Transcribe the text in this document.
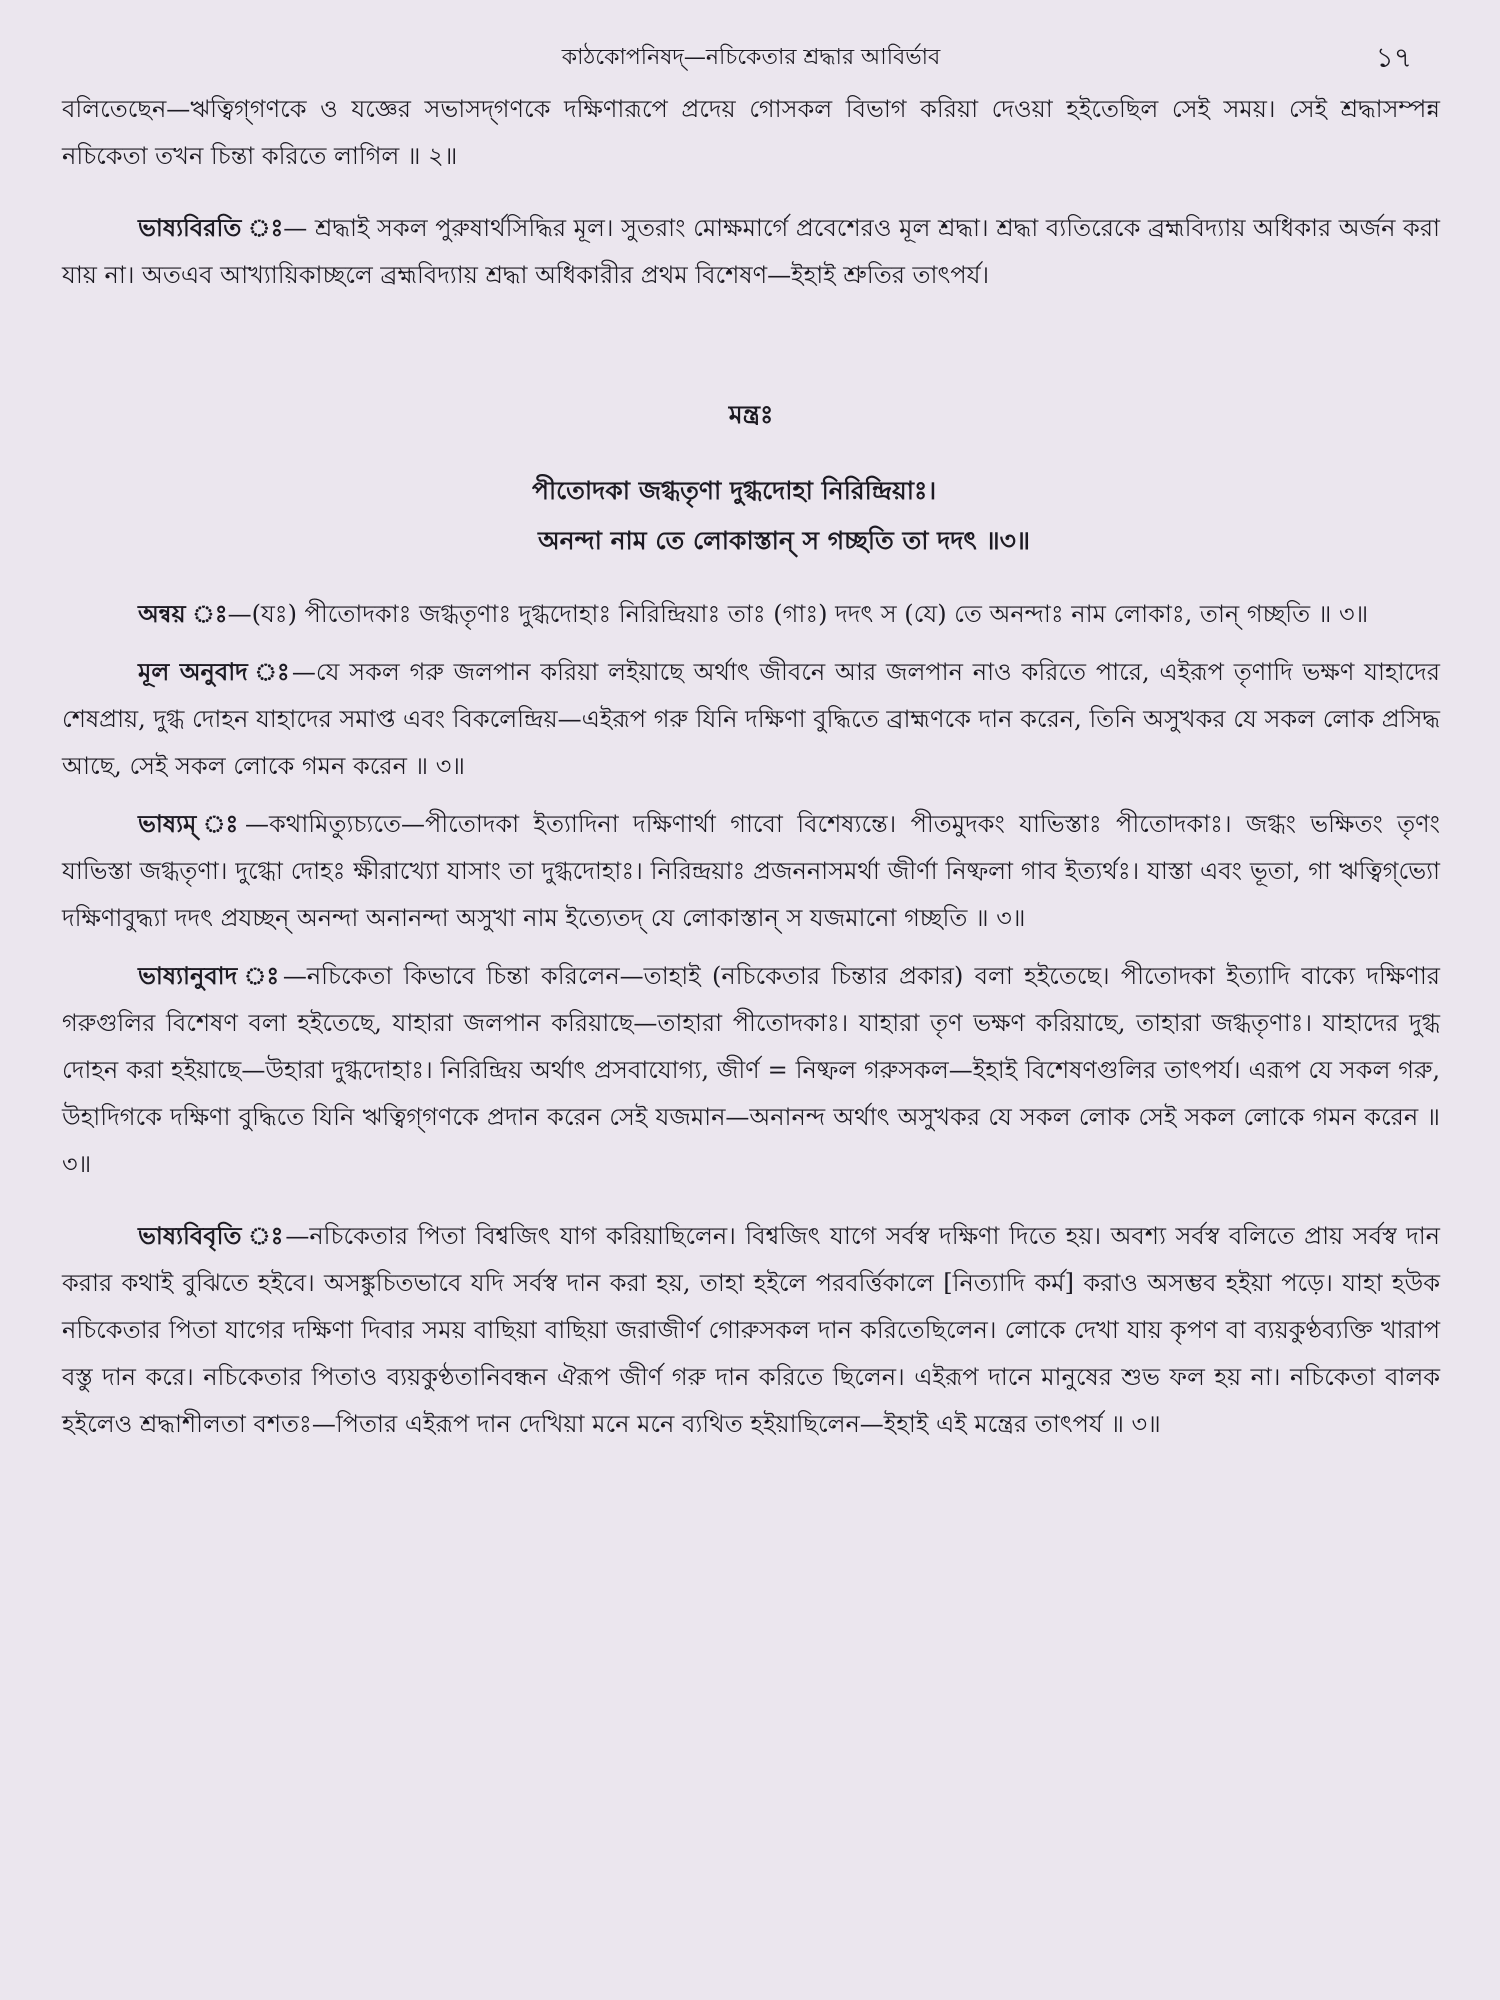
কাঠকোপনিষদ্‌—নচিকেতার শ্রদ্ধার আবির্ভাব	১৭

বলিতেছেন—ঋত্বিগ্‌গণকে ও যজ্ঞের সভাসদ্‌গণকে দক্ষিণারূপে প্রদেয় গোসকল বিভাগ করিয়া দেওয়া হইতেছিল সেই সময়। সেই শ্রদ্ধাসম্পন্ন নচিকেতা তখন চিন্তা করিতে লাগিল ॥ ২॥

ভাষ্যবিরতি ঃ— শ্রদ্ধাই সকল পুরুষার্থসিদ্ধির মূল। সুতরাং মোক্ষমার্গে প্রবেশেরও মূল শ্রদ্ধা। শ্রদ্ধা ব্যতিরেকে ব্রহ্মবিদ্যায় অধিকার অর্জন করা যায় না। অতএব আখ্যায়িকাচ্ছলে ব্রহ্মবিদ্যায় শ্রদ্ধা অধিকারীর প্রথম বিশেষণ—ইহাই শ্রুতির তাৎপর্য।

মন্ত্রঃ
পীতোদকা জগ্ধতৃণা দুগ্ধদোহা নিরিন্দ্রিয়াঃ।
অনন্দা নাম তে লোকাস্তান্‌ স গচ্ছতি তা দদৎ ॥৩॥

অন্বয় ঃ—(যঃ) পীতোদকাঃ জগ্ধতৃণাঃ দুগ্ধদোহাঃ নিরিন্দ্রিয়াঃ তাঃ (গাঃ) দদৎ স (যে) তে অনন্দাঃ নাম লোকাঃ, তান্‌ গচ্ছতি ॥ ৩॥

মূল অনুবাদ ঃ—যে সকল গরু জলপান করিয়া লইয়াছে অর্থাৎ জীবনে আর জলপান নাও করিতে পারে, এইরূপ তৃণাদি ভক্ষণ যাহাদের শেষপ্রায়, দুগ্ধ দোহন যাহাদের সমাপ্ত এবং বিকলেন্দ্রিয়—এইরূপ গরু যিনি দক্ষিণা বুদ্ধিতে ব্রাহ্মণকে দান করেন, তিনি অসুখকর যে সকল লোক প্রসিদ্ধ আছে, সেই সকল লোকে গমন করেন ॥ ৩॥

ভাষ্যম্‌ ঃ—কথামিত্যুচ্যতে—পীতোদকা ইত্যাদিনা দক্ষিণার্থা গাবো বিশেষ্যন্তে। পীতমুদকং যাভিস্তাঃ পীতোদকাঃ। জগ্ধং ভক্ষিতং তৃণং যাভিস্তা জগ্ধতৃণা। দুগ্ধো দোহঃ ক্ষীরাখ্যো যাসাং তা দুগ্ধদোহাঃ। নিরিন্দ্রয়াঃ প্রজননাসমর্থা জীর্ণা নিষ্ফলা গাব ইত্যর্থঃ। যাস্তা এবং ভূতা, গা ঋত্বিগ্‌ভ্যো দক্ষিণাবুদ্ধ্যা দদৎ প্রযচ্ছন্‌ অনন্দা অনানন্দা অসুখা নাম ইত্যেতদ্‌ যে লোকাস্তান্‌ স যজমানো গচ্ছতি ॥ ৩॥

ভাষ্যানুবাদ ঃ—নচিকেতা কিভাবে চিন্তা করিলেন—তাহাই (নচিকেতার চিন্তার প্রকার) বলা হইতেছে। পীতোদকা ইত্যাদি বাক্যে দক্ষিণার গরুগুলির বিশেষণ বলা হইতেছে, যাহারা জলপান করিয়াছে—তাহারা পীতোদকাঃ। যাহারা তৃণ ভক্ষণ করিয়াছে, তাহারা জগ্ধতৃণাঃ। যাহাদের দুগ্ধ দোহন করা হইয়াছে—উহারা দুগ্ধদোহাঃ। নিরিন্দ্রিয় অর্থাৎ প্রসবাযোগ্য, জীর্ণ = নিষ্ফল গরুসকল—ইহাই বিশেষণগুলির তাৎপর্য। এরূপ যে সকল গরু, উহাদিগকে দক্ষিণা বুদ্ধিতে যিনি ঋত্বিগ্‌গণকে প্রদান করেন সেই যজমান—অনানন্দ অর্থাৎ অসুখকর যে সকল লোক সেই সকল লোকে গমন করেন ॥ ৩॥

ভাষ্যবিবৃতি ঃ—নচিকেতার পিতা বিশ্বজিৎ যাগ করিয়াছিলেন। বিশ্বজিৎ যাগে সর্বস্ব দক্ষিণা দিতে হয়। অবশ্য সর্বস্ব বলিতে প্রায় সর্বস্ব দান করার কথাই বুঝিতে হইবে। অসঙ্কুচিতভাবে যদি সর্বস্ব দান করা হয়, তাহা হইলে পরবর্ত্তিকালে [নিত্যাদি কর্ম] করাও অসম্ভব হইয়া পড়ে। যাহা হউক নচিকেতার পিতা যাগের দক্ষিণা দিবার সময় বাছিয়া বাছিয়া জরাজীর্ণ গোরুসকল দান করিতেছিলেন। লোকে দেখা যায় কৃপণ বা ব্যয়কুণ্ঠব্যক্তি খারাপ বস্তু দান করে। নচিকেতার পিতাও ব্যয়কুণ্ঠতানিবন্ধন ঐরূপ জীর্ণ গরু দান করিতে ছিলেন। এইরূপ দানে মানুষের শুভ ফল হয় না। নচিকেতা বালক হইলেও শ্রদ্ধাশীলতা বশতঃ—পিতার এইরূপ দান দেখিয়া মনে মনে ব্যথিত হইয়াছিলেন—ইহাই এই মন্ত্রের তাৎপর্য ॥ ৩॥
